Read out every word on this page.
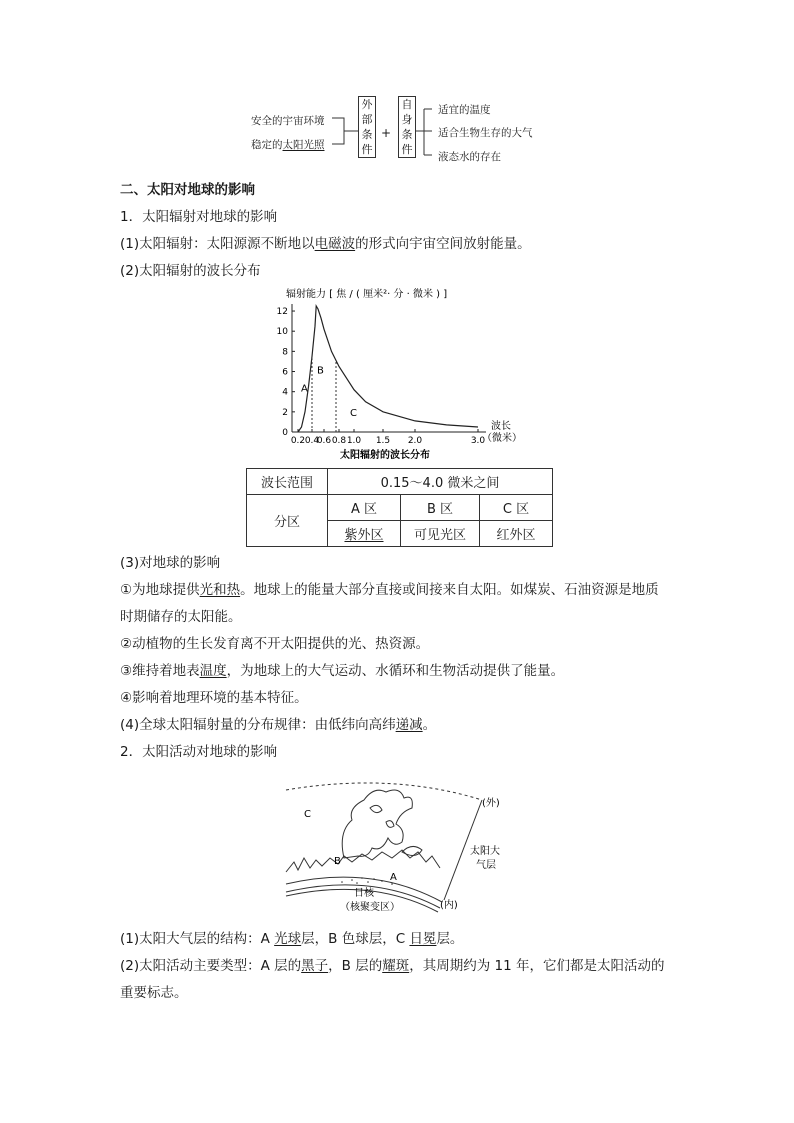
安全的宇宙环境
稳定的太阳光照
外部条件
+
自身条件
适宜的温度
适合生物生存的大气
液态水的存在
二、太阳对地球的影响
1．太阳辐射对地球的影响
(1)太阳辐射：太阳源源不断地以电磁波的形式向宇宙空间放射能量。
(2)太阳辐射的波长分布
辐射能力 [ 焦 / ( 厘米²· 分 · 微米 ) ]
0
2
4
6
8
10
12
0.2 0.4
0.6 0.8 1.0 1.5 2.0	3.0
A
B
C
波长
（微米）
太阳辐射的波长分布
波长范围	0.15～4.0 微米之间		
分区	A 区	B 区	C 区
	紫外区	可见光区	红外区
(3)对地球的影响
①为地球提供光和热。地球上的能量大部分直接或间接来自太阳。如煤炭、石油资源是地质
时期储存的太阳能。
②动植物的生长发育离不开太阳提供的光、热资源。
③维持着地表温度，为地球上的大气运动、水循环和生物活动提供了能量。
④影响着地理环境的基本特征。
(4)全球太阳辐射量的分布规律：由低纬向高纬递减。
2．太阳活动对地球的影响
C
B
A
(外)
太阳大
气层
(内)
日核
（核聚变区）
(1)太阳大气层的结构：A 光球层，B 色球层，C 日冕层。
(2)太阳活动主要类型：A 层的黑子，B 层的耀斑，其周期约为 11 年，它们都是太阳活动的
重要标志。
